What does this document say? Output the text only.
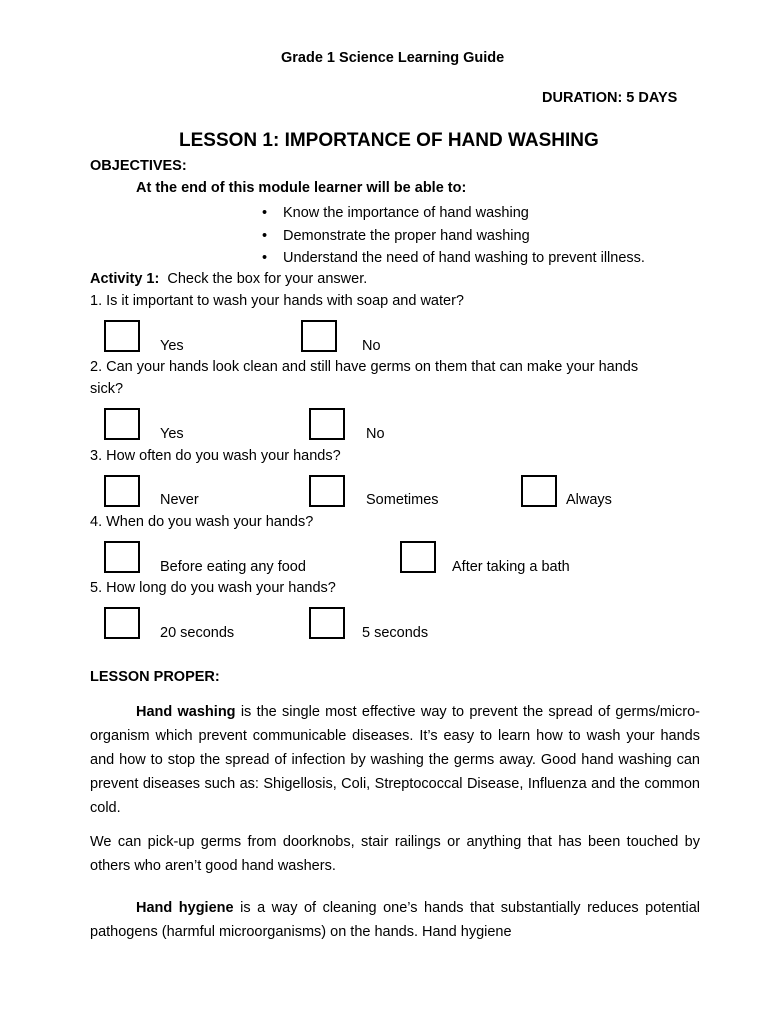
Grade 1 Science Learning Guide
DURATION: 5 DAYS
LESSON 1: IMPORTANCE OF HAND WASHING
OBJECTIVES:
At the end of this module learner will be able to:
• Know the importance of hand washing
• Demonstrate the proper hand washing
• Understand the need of hand washing to prevent illness.
Activity 1: Check the box for your answer.
1. Is it important to wash your hands with soap and water?
Yes	No
2. Can your hands look clean and still have germs on them that can make your hands
sick?
Yes	No
3. How often do you wash your hands?
Never	Sometimes	Always
4. When do you wash your hands?
Before eating any food	After taking a bath
5. How long do you wash your hands?
20 seconds	5 seconds
LESSON PROPER:
Hand washing is the single most effective way to prevent the spread of germs/micro-organism which prevent communicable diseases. It’s easy to learn how to wash your hands and how to stop the spread of infection by washing the germs away. Good hand washing can prevent diseases such as: Shigellosis, Coli, Streptococcal Disease, Influenza and the common cold.
We can pick-up germs from doorknobs, stair railings or anything that has been touched by others who aren’t good hand washers.
Hand hygiene is a way of cleaning one’s hands that substantially reduces potential pathogens (harmful microorganisms) on the hands. Hand hygiene
